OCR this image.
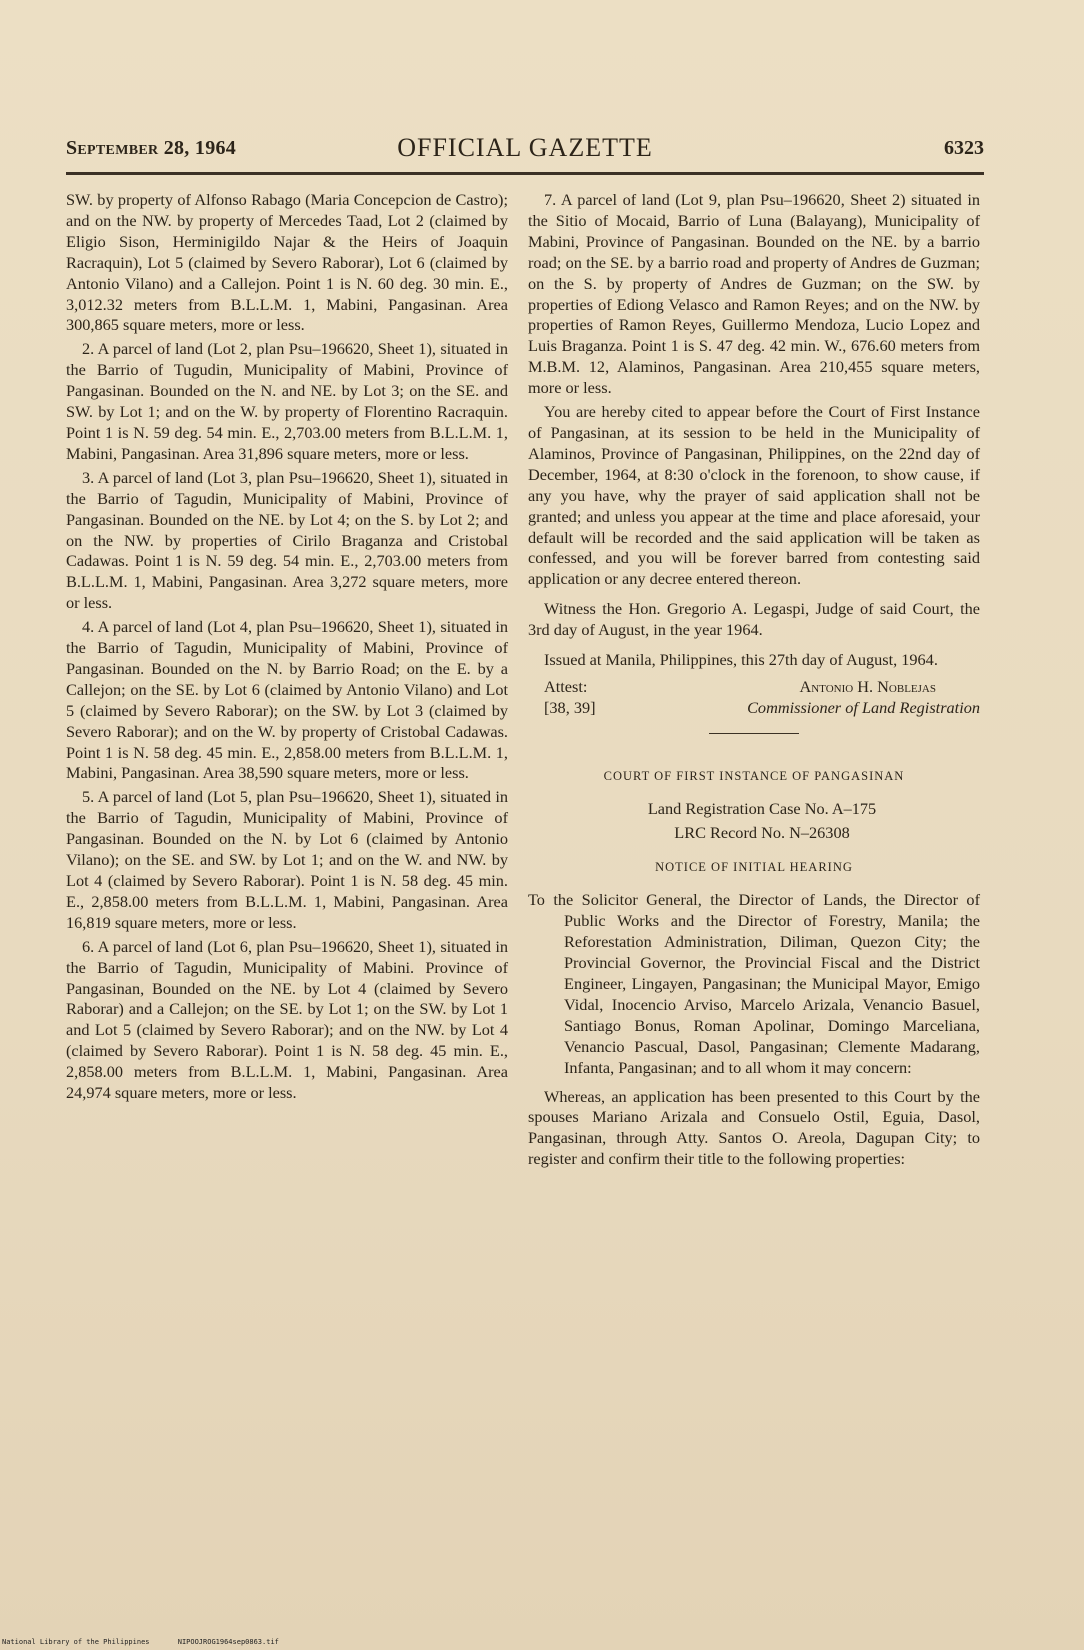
September 28, 1964	OFFICIAL GAZETTE	6323

SW. by property of Alfonso Rabago (Maria Concepcion de Castro); and on the NW. by property of Mercedes Taad, Lot 2 (claimed by Eligio Sison, Herminigildo Najar & the Heirs of Joaquin Racraquin), Lot 5 (claimed by Severo Raborar), Lot 6 (claimed by Antonio Vilano) and a Callejon. Point 1 is N. 60 deg. 30 min. E., 3,012.32 meters from B.L.L.M. 1, Mabini, Pangasinan. Area 300,865 square meters, more or less.

2. A parcel of land (Lot 2, plan Psu–196620, Sheet 1), situated in the Barrio of Tugudin, Municipality of Mabini, Province of Pangasinan. Bounded on the N. and NE. by Lot 3; on the SE. and SW. by Lot 1; and on the W. by property of Florentino Racraquin. Point 1 is N. 59 deg. 54 min. E., 2,703.00 meters from B.L.L.M. 1, Mabini, Pangasinan. Area 31,896 square meters, more or less.

3. A parcel of land (Lot 3, plan Psu–196620, Sheet 1), situated in the Barrio of Tagudin, Municipality of Mabini, Province of Pangasinan. Bounded on the NE. by Lot 4; on the S. by Lot 2; and on the NW. by properties of Cirilo Braganza and Cristobal Cadawas. Point 1 is N. 59 deg. 54 min. E., 2,703.00 meters from B.L.L.M. 1, Mabini, Pangasinan. Area 3,272 square meters, more or less.

4. A parcel of land (Lot 4, plan Psu–196620, Sheet 1), situated in the Barrio of Tagudin, Municipality of Mabini, Province of Pangasinan. Bounded on the N. by Barrio Road; on the E. by a Callejon; on the SE. by Lot 6 (claimed by Antonio Vilano) and Lot 5 (claimed by Severo Raborar); on the SW. by Lot 3 (claimed by Severo Raborar); and on the W. by property of Cristobal Cadawas. Point 1 is N. 58 deg. 45 min. E., 2,858.00 meters from B.L.L.M. 1, Mabini, Pangasinan. Area 38,590 square meters, more or less.

5. A parcel of land (Lot 5, plan Psu–196620, Sheet 1), situated in the Barrio of Tagudin, Municipality of Mabini, Province of Pangasinan. Bounded on the N. by Lot 6 (claimed by Antonio Vilano); on the SE. and SW. by Lot 1; and on the W. and NW. by Lot 4 (claimed by Severo Raborar). Point 1 is N. 58 deg. 45 min. E., 2,858.00 meters from B.L.L.M. 1, Mabini, Pangasinan. Area 16,819 square meters, more or less.

6. A parcel of land (Lot 6, plan Psu–196620, Sheet 1), situated in the Barrio of Tagudin, Municipality of Mabini. Province of Pangasinan, Bounded on the NE. by Lot 4 (claimed by Severo Raborar) and a Callejon; on the SE. by Lot 1; on the SW. by Lot 1 and Lot 5 (claimed by Severo Raborar); and on the NW. by Lot 4 (claimed by Severo Raborar). Point 1 is N. 58 deg. 45 min. E., 2,858.00 meters from B.L.L.M. 1, Mabini, Pangasinan. Area 24,974 square meters, more or less.

7. A parcel of land (Lot 9, plan Psu–196620, Sheet 2) situated in the Sitio of Mocaid, Barrio of Luna (Balayang), Municipality of Mabini, Province of Pangasinan. Bounded on the NE. by a barrio road; on the SE. by a barrio road and property of Andres de Guzman; on the S. by property of Andres de Guzman; on the SW. by properties of Ediong Velasco and Ramon Reyes; and on the NW. by properties of Ramon Reyes, Guillermo Mendoza, Lucio Lopez and Luis Braganza. Point 1 is S. 47 deg. 42 min. W., 676.60 meters from M.B.M. 12, Alaminos, Pangasinan. Area 210,455 square meters, more or less.

You are hereby cited to appear before the Court of First Instance of Pangasinan, at its session to be held in the Municipality of Alaminos, Province of Pangasinan, Philippines, on the 22nd day of December, 1964, at 8:30 o'clock in the forenoon, to show cause, if any you have, why the prayer of said application shall not be granted; and unless you appear at the time and place aforesaid, your default will be recorded and the said application will be taken as confessed, and you will be forever barred from contesting said application or any decree entered thereon.

Witness the Hon. Gregorio A. Legaspi, Judge of said Court, the 3rd day of August, in the year 1964.

Issued at Manila, Philippines, this 27th day of August, 1964.

Attest:	Antonio H. Noblejas
[38, 39]	Commissioner of Land Registration
COURT OF FIRST INSTANCE OF PANGASINAN

Land Registration Case No. A–175

LRC Record No. N–26308

NOTICE OF INITIAL HEARING

To the Solicitor General, the Director of Lands, the Director of Public Works and the Director of Forestry, Manila; the Reforestation Administration, Diliman, Quezon City; the Provincial Governor, the Provincial Fiscal and the District Engineer, Lingayen, Pangasinan; the Municipal Mayor, Emigo Vidal, Inocencio Arviso, Marcelo Arizala, Venancio Basuel, Santiago Bonus, Roman Apolinar, Domingo Marceliana, Venancio Pascual, Dasol, Pangasinan; Clemente Madarang, Infanta, Pangasinan; and to all whom it may concern:

Whereas, an application has been presented to this Court by the spouses Mariano Arizala and Consuelo Ostil, Eguia, Dasol, Pangasinan, through Atty. Santos O. Areola, Dagupan City; to register and confirm their title to the following properties:

National Library of the Philippines	NIPOOJROG1964sep0863.tif
